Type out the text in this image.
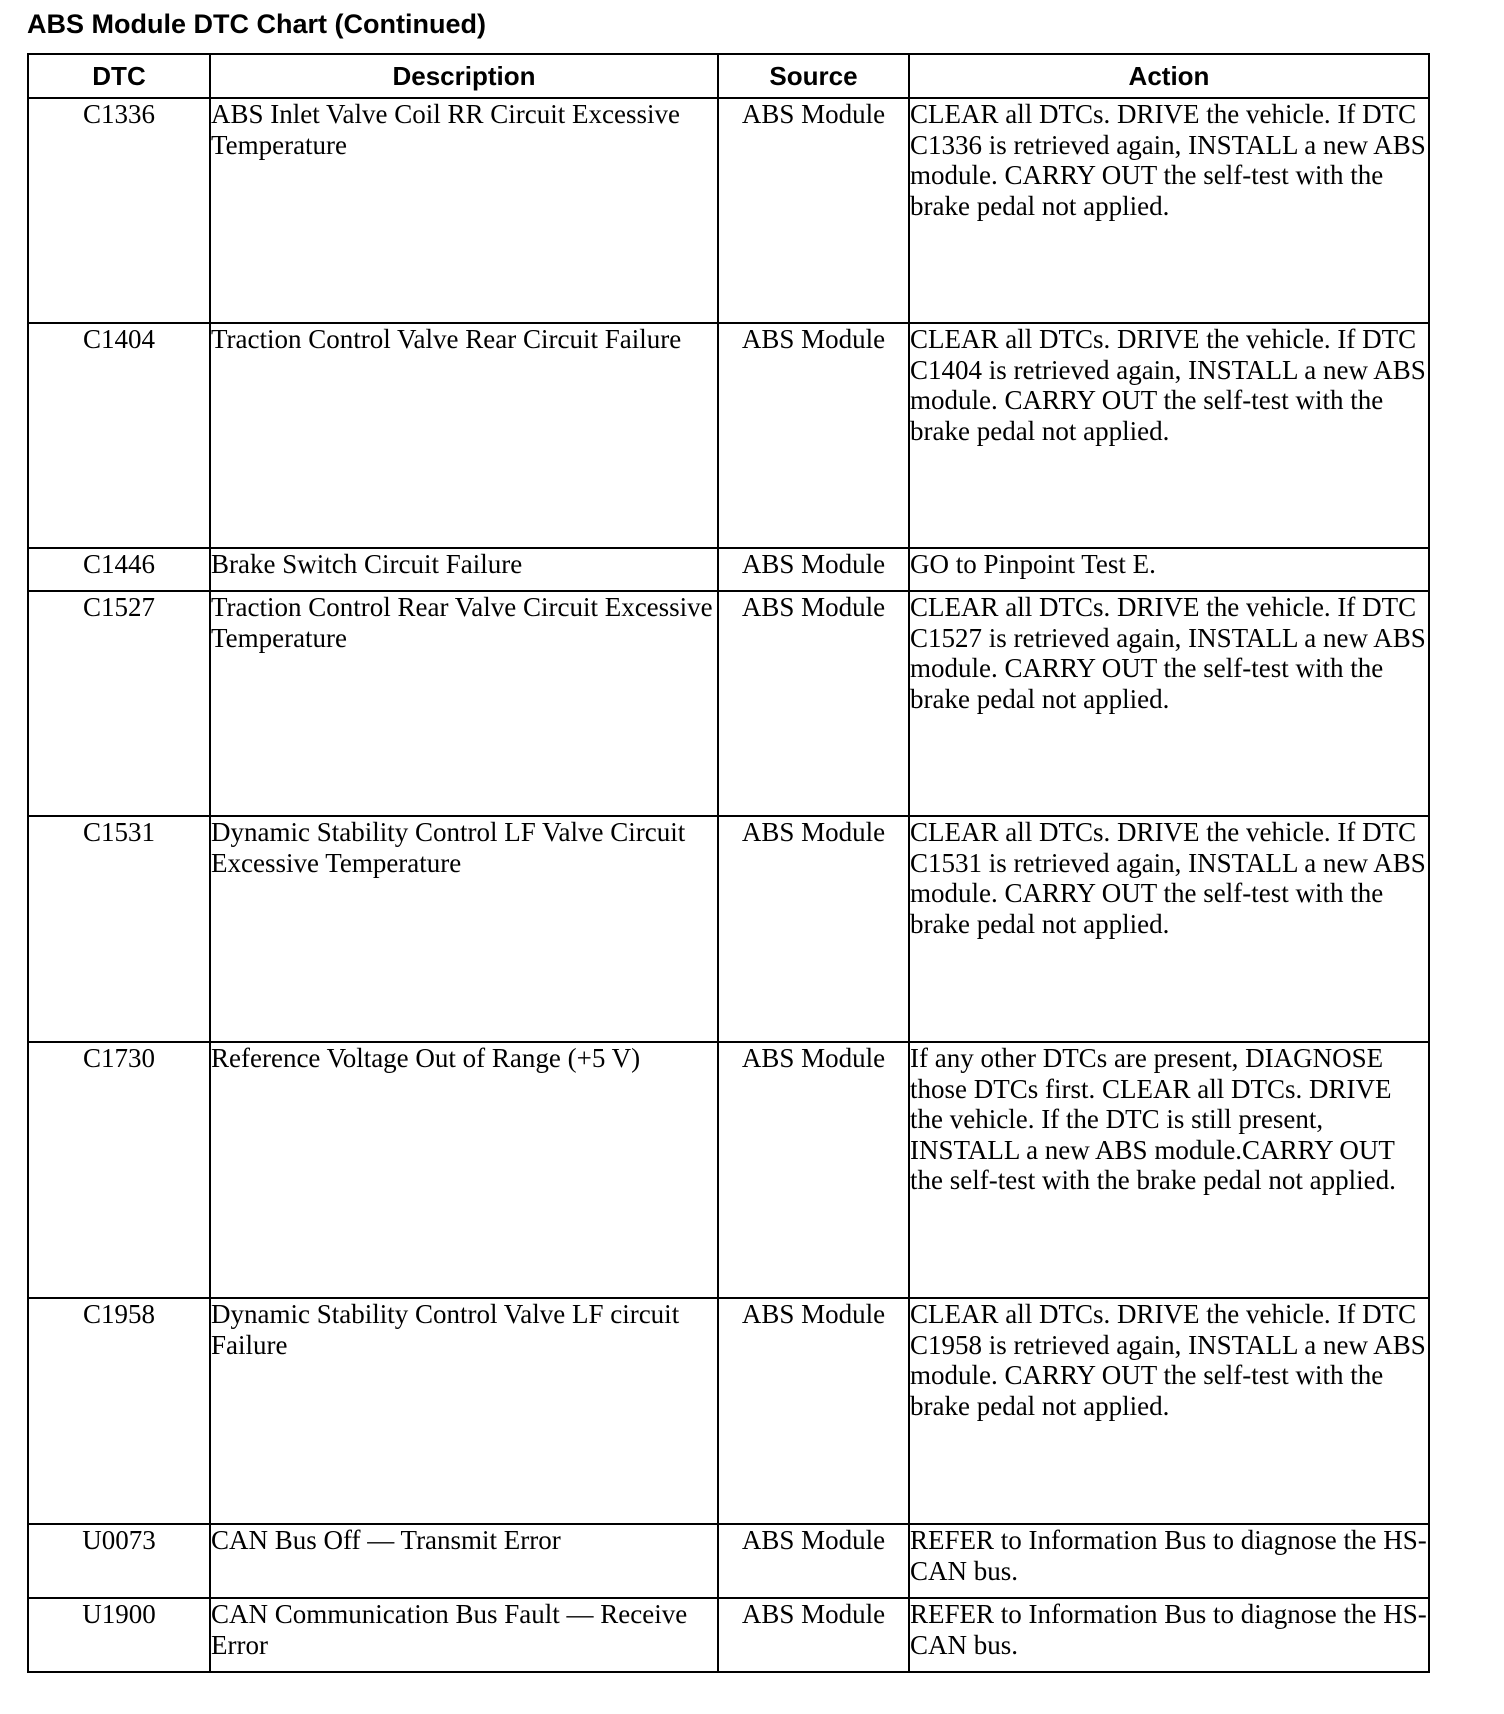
ABS Module DTC Chart (Continued)
DTC	Description	Source	Action
C1336	ABS Inlet Valve Coil RR Circuit Excessive Temperature	ABS Module	CLEAR all DTCs. DRIVE the vehicle. If DTC C1336 is retrieved again, INSTALL a new ABS module. CARRY OUT the self-test with the brake pedal not applied.
C1404	Traction Control Valve Rear Circuit Failure	ABS Module	CLEAR all DTCs. DRIVE the vehicle. If DTC C1404 is retrieved again, INSTALL a new ABS module. CARRY OUT the self-test with the brake pedal not applied.
C1446	Brake Switch Circuit Failure	ABS Module	GO to Pinpoint Test E.
C1527	Traction Control Rear Valve Circuit Excessive Temperature	ABS Module	CLEAR all DTCs. DRIVE the vehicle. If DTC C1527 is retrieved again, INSTALL a new ABS module. CARRY OUT the self-test with the brake pedal not applied.
C1531	Dynamic Stability Control LF Valve Circuit Excessive Temperature	ABS Module	CLEAR all DTCs. DRIVE the vehicle. If DTC C1531 is retrieved again, INSTALL a new ABS module. CARRY OUT the self-test with the brake pedal not applied.
C1730	Reference Voltage Out of Range (+5 V)	ABS Module	If any other DTCs are present, DIAGNOSE those DTCs first. CLEAR all DTCs. DRIVE the vehicle. If the DTC is still present, INSTALL a new ABS module.CARRY OUT the self-test with the brake pedal not applied.
C1958	Dynamic Stability Control Valve LF circuit Failure	ABS Module	CLEAR all DTCs. DRIVE the vehicle. If DTC C1958 is retrieved again, INSTALL a new ABS module. CARRY OUT the self-test with the brake pedal not applied.
U0073	CAN Bus Off — Transmit Error	ABS Module	REFER to Information Bus to diagnose the HS-CAN bus.
U1900	CAN Communication Bus Fault — Receive Error	ABS Module	REFER to Information Bus to diagnose the HS-CAN bus.
